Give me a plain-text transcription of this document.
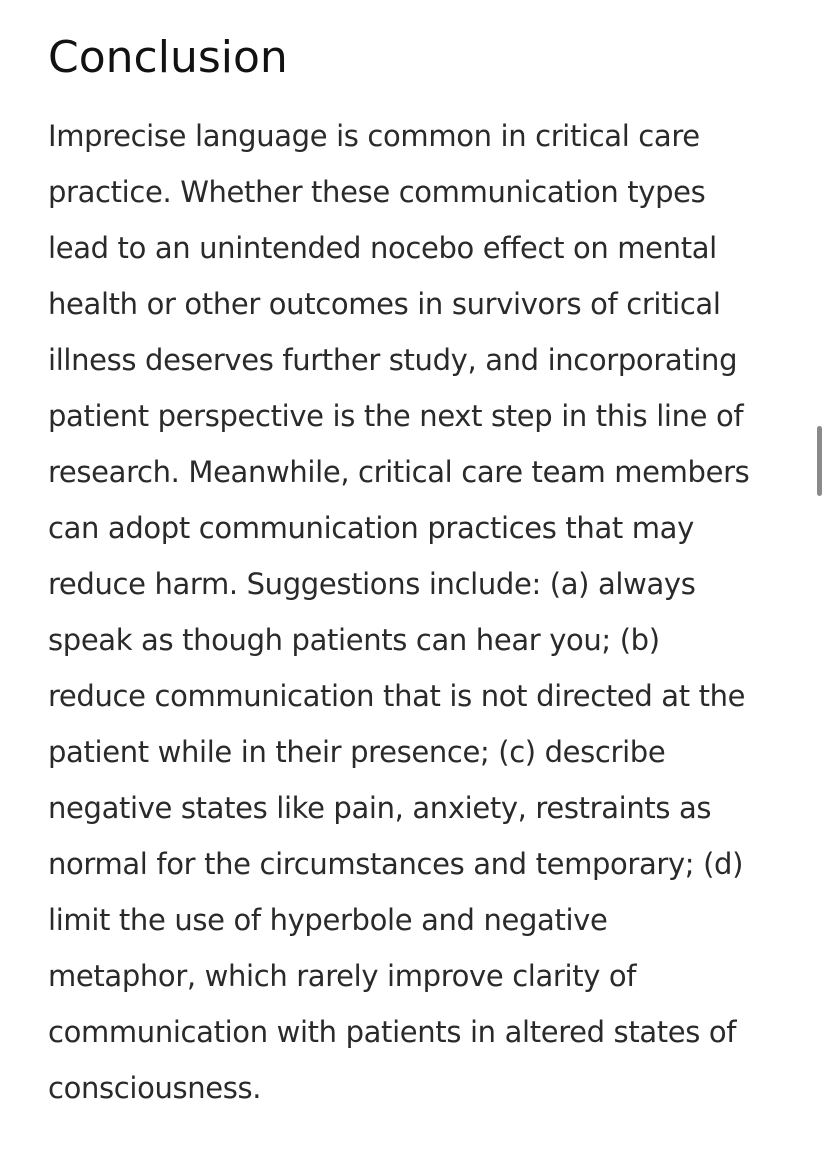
Conclusion
Imprecise language is common in critical care
practice. Whether these communication types
lead to an unintended nocebo effect on mental
health or other outcomes in survivors of critical
illness deserves further study, and incorporating
patient perspective is the next step in this line of
research. Meanwhile, critical care team members
can adopt communication practices that may
reduce harm. Suggestions include: (a) always
speak as though patients can hear you; (b)
reduce communication that is not directed at the
patient while in their presence; (c) describe
negative states like pain, anxiety, restraints as
normal for the circumstances and temporary; (d)
limit the use of hyperbole and negative
metaphor, which rarely improve clarity of
communication with patients in altered states of
consciousness.
